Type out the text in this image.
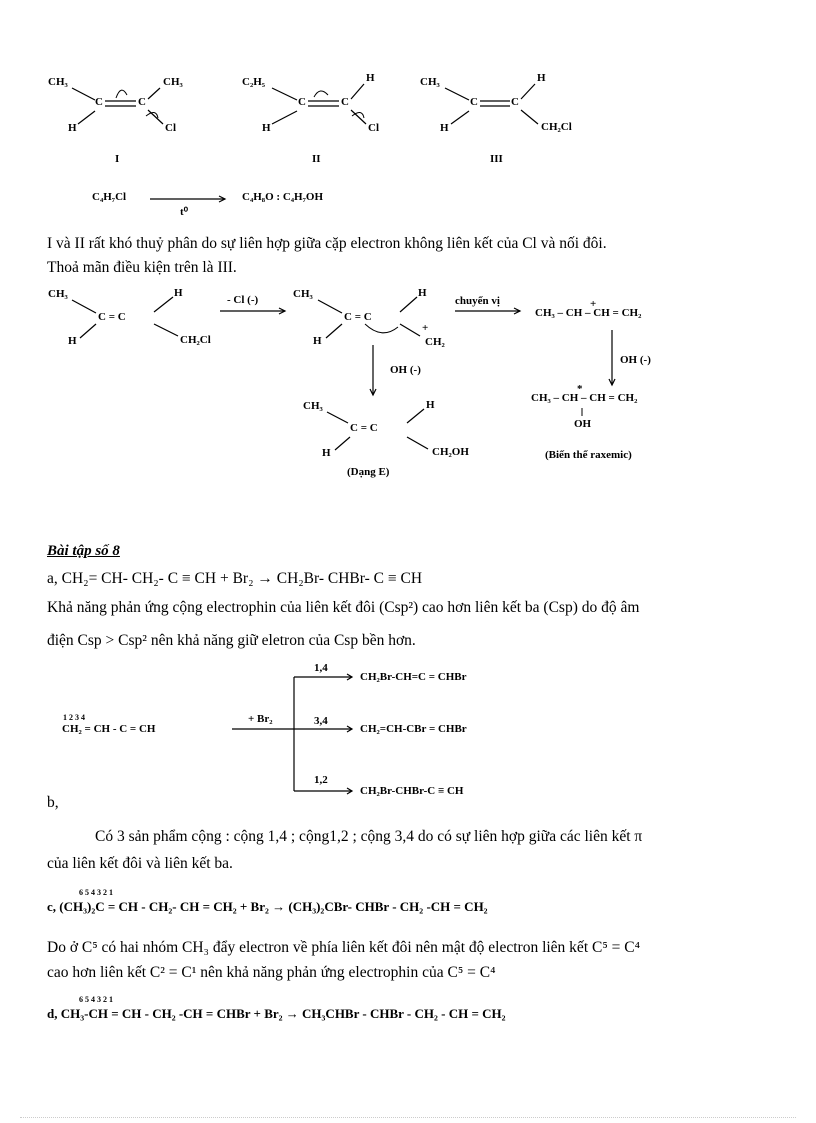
CH₃	CH₃
C	C
H	Cl
I
C₂H₅	H
C	C
H	Cl
II
CH₃	H
C	C
H	CH₂Cl
III
C₄H₇Cl
t⁰
C₄H₈O : C₄H₇OH
I và II rất khó thuỷ phân do sự liên hợp giữa cặp electron không liên kết của Cl và nối đôi.
Thoả mãn điều kiện trên là III.
CH₃	H
C = C
H	CH₂Cl
- Cl (-)	CH₃	H
C = C
H
+
CH₂
chuyển vị	+
CH₃ – CH – CH = CH₂
OH (-)
OH (-)
*
CH₃ – CH – CH = CH₂
OH
(Biến thể raxemic)
CH₃	H
C = C
H	CH₂OH
(Dạng E)
Bài tập số 8
a, CH₂= CH- CH₂- C ≡ CH + Br₂ → CH₂Br- CHBr- C ≡ CH
Khả năng phản ứng cộng electrophin của liên kết đôi (Csp²) cao hơn liên kết ba (Csp) do độ âm
điện Csp > Csp² nên khả năng giữ eletron của Csp bền hơn.
1 2 3 4
CH₂ = CH - C = CH
+ Br₂
1,4
CH₂Br-CH=C = CHBr
3,4
CH₂=CH-CBr = CHBr
1,2
CH₂Br-CHBr-C ≡ CH
b,
Có 3 sản phẩm cộng : cộng 1,4 ; cộng1,2 ; cộng 3,4 do có sự liên hợp giữa các liên kết π
của liên kết đôi và liên kết ba.
6 5 4 3 2 1
c, (CH₃)₂C = CH - CH₂- CH = CH₂ + Br₂ → (CH₃)₂CBr- CHBr - CH₂ -CH = CH₂
Do ở C⁵ có hai nhóm CH₃ đẩy electron về phía liên kết đôi nên mật độ electron liên kết C⁵ = C⁴
cao hơn liên kết C² = C¹ nên khả năng phản ứng electrophin của C⁵ = C⁴
6 5 4 3 2 1
d, CH₃-CH = CH - CH₂ -CH = CHBr + Br₂ → CH₃CHBr - CHBr - CH₂ - CH = CH₂
